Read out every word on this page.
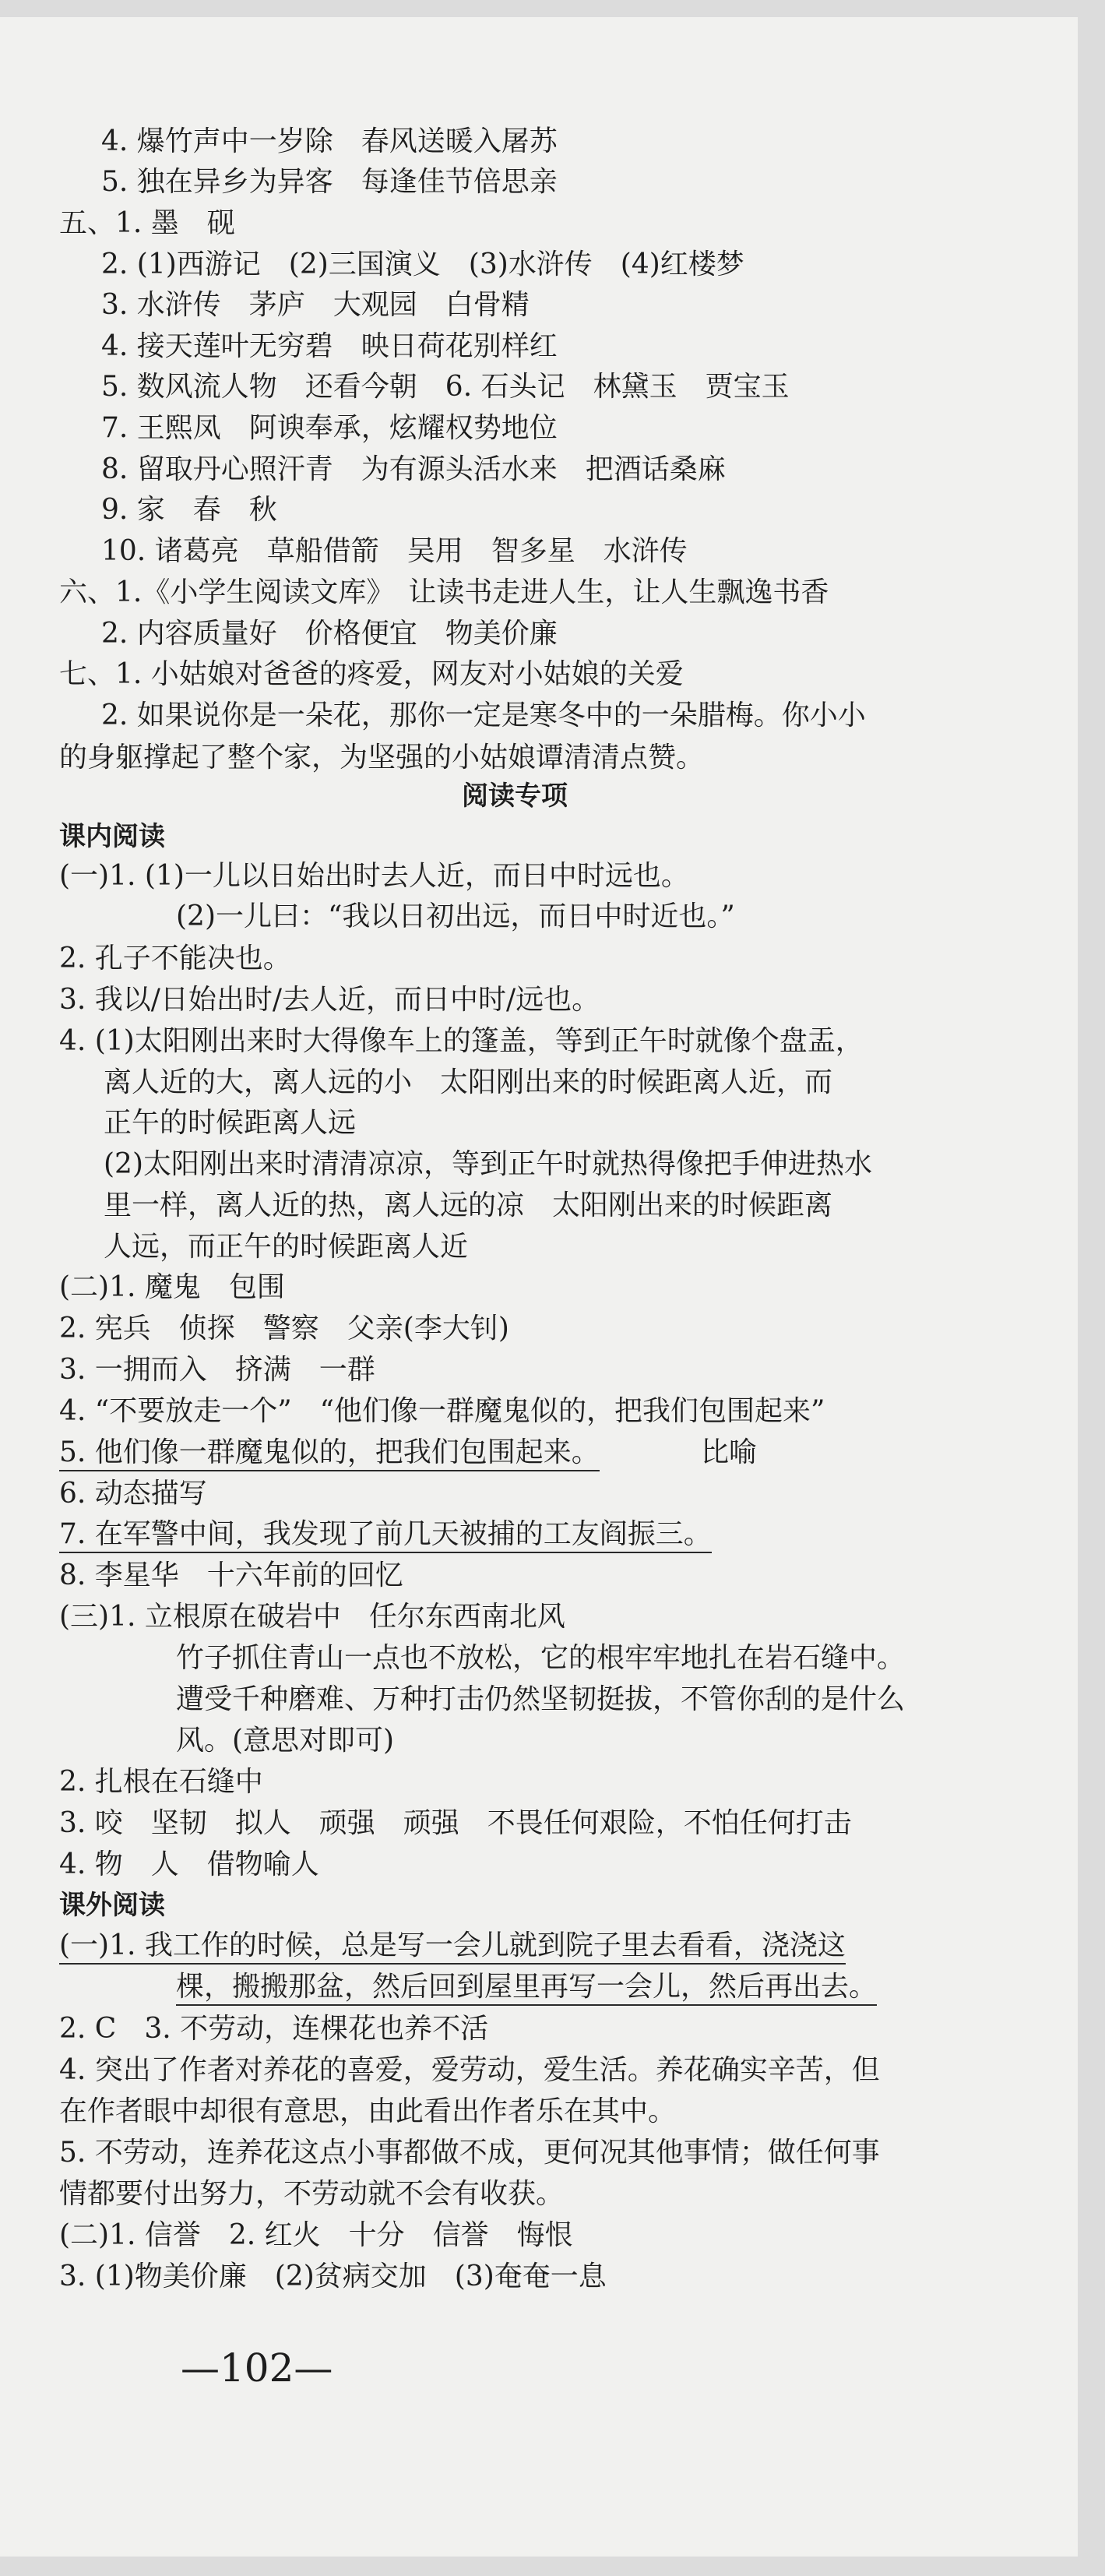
4. 爆竹声中一岁除　春风送暖入屠苏
5. 独在异乡为异客　每逢佳节倍思亲
五、1. 墨　砚
2. (1)西游记　(2)三国演义　(3)水浒传　(4)红楼梦
3. 水浒传　茅庐　大观园　白骨精
4. 接天莲叶无穷碧　映日荷花别样红
5. 数风流人物　还看今朝　6. 石头记　林黛玉　贾宝玉
7. 王熙凤　阿谀奉承，炫耀权势地位
8. 留取丹心照汗青　为有源头活水来　把酒话桑麻
9. 家　春　秋
10. 诸葛亮　草船借箭　吴用　智多星　水浒传
六、1.《小学生阅读文库》　让读书走进人生，让人生飘逸书香
2. 内容质量好　价格便宜　物美价廉
七、1. 小姑娘对爸爸的疼爱，网友对小姑娘的关爱
2. 如果说你是一朵花，那你一定是寒冬中的一朵腊梅。你小小
的身躯撑起了整个家，为坚强的小姑娘谭清清点赞。
阅读专项
课内阅读
(一)1. (1)一儿以日始出时去人近，而日中时远也。
(2)一儿曰：“我以日初出远，而日中时近也。”
2. 孔子不能决也。
3. 我以/日始出时/去人近，而日中时/远也。
4. (1)太阳刚出来时大得像车上的篷盖，等到正午时就像个盘盂，
离人近的大，离人远的小　太阳刚出来的时候距离人近，而
正午的时候距离人远
(2)太阳刚出来时清清凉凉，等到正午时就热得像把手伸进热水
里一样，离人近的热，离人远的凉　太阳刚出来的时候距离
人远，而正午的时候距离人近
(二)1. 魔鬼　包围
2. 宪兵　侦探　警察　父亲(李大钊)
3. 一拥而入　挤满　一群
4. “不要放走一个”　“他们像一群魔鬼似的，把我们包围起来”
5. 他们像一群魔鬼似的，把我们包围起来。	比喻
6. 动态描写
7. 在军警中间，我发现了前几天被捕的工友阎振三。
8. 李星华　十六年前的回忆
(三)1. 立根原在破岩中　任尔东西南北风
竹子抓住青山一点也不放松，它的根牢牢地扎在岩石缝中。
遭受千种磨难、万种打击仍然坚韧挺拔，不管你刮的是什么
风。(意思对即可)
2. 扎根在石缝中
3. 咬　坚韧　拟人　顽强　顽强　不畏任何艰险，不怕任何打击
4. 物　人　借物喻人
课外阅读
(一)1. 我工作的时候，总是写一会儿就到院子里去看看，浇浇这
棵，搬搬那盆，然后回到屋里再写一会儿，然后再出去。
2. C　3. 不劳动，连棵花也养不活
4. 突出了作者对养花的喜爱，爱劳动，爱生活。养花确实辛苦，但
在作者眼中却很有意思，由此看出作者乐在其中。
5. 不劳动，连养花这点小事都做不成，更何况其他事情；做任何事
情都要付出努力，不劳动就不会有收获。
(二)1. 信誉　2. 红火　十分　信誉　悔恨
3. (1)物美价廉　(2)贫病交加　(3)奄奄一息
—102—
